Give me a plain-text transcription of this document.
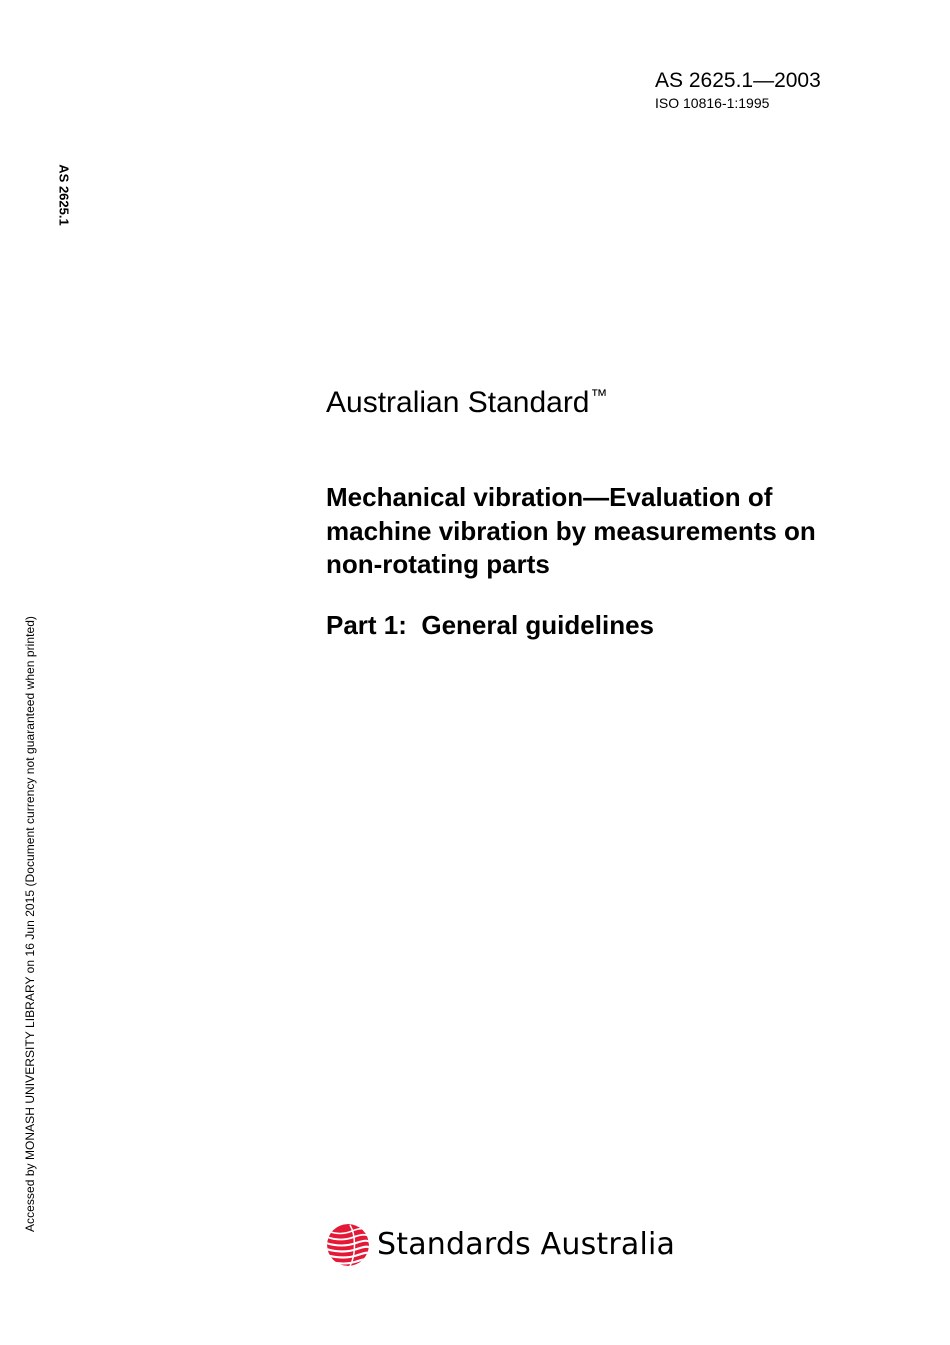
AS 2625.1—2003
ISO 10816-1:1995
AS 2625.1
Accessed by MONASH UNIVERSITY LIBRARY on 16 Jun 2015 (Document currency not guaranteed when printed)
Australian Standard™
Mechanical vibration—Evaluation of
machine vibration by measurements on
non-rotating parts
Part 1:  General guidelines
Standards Australia
